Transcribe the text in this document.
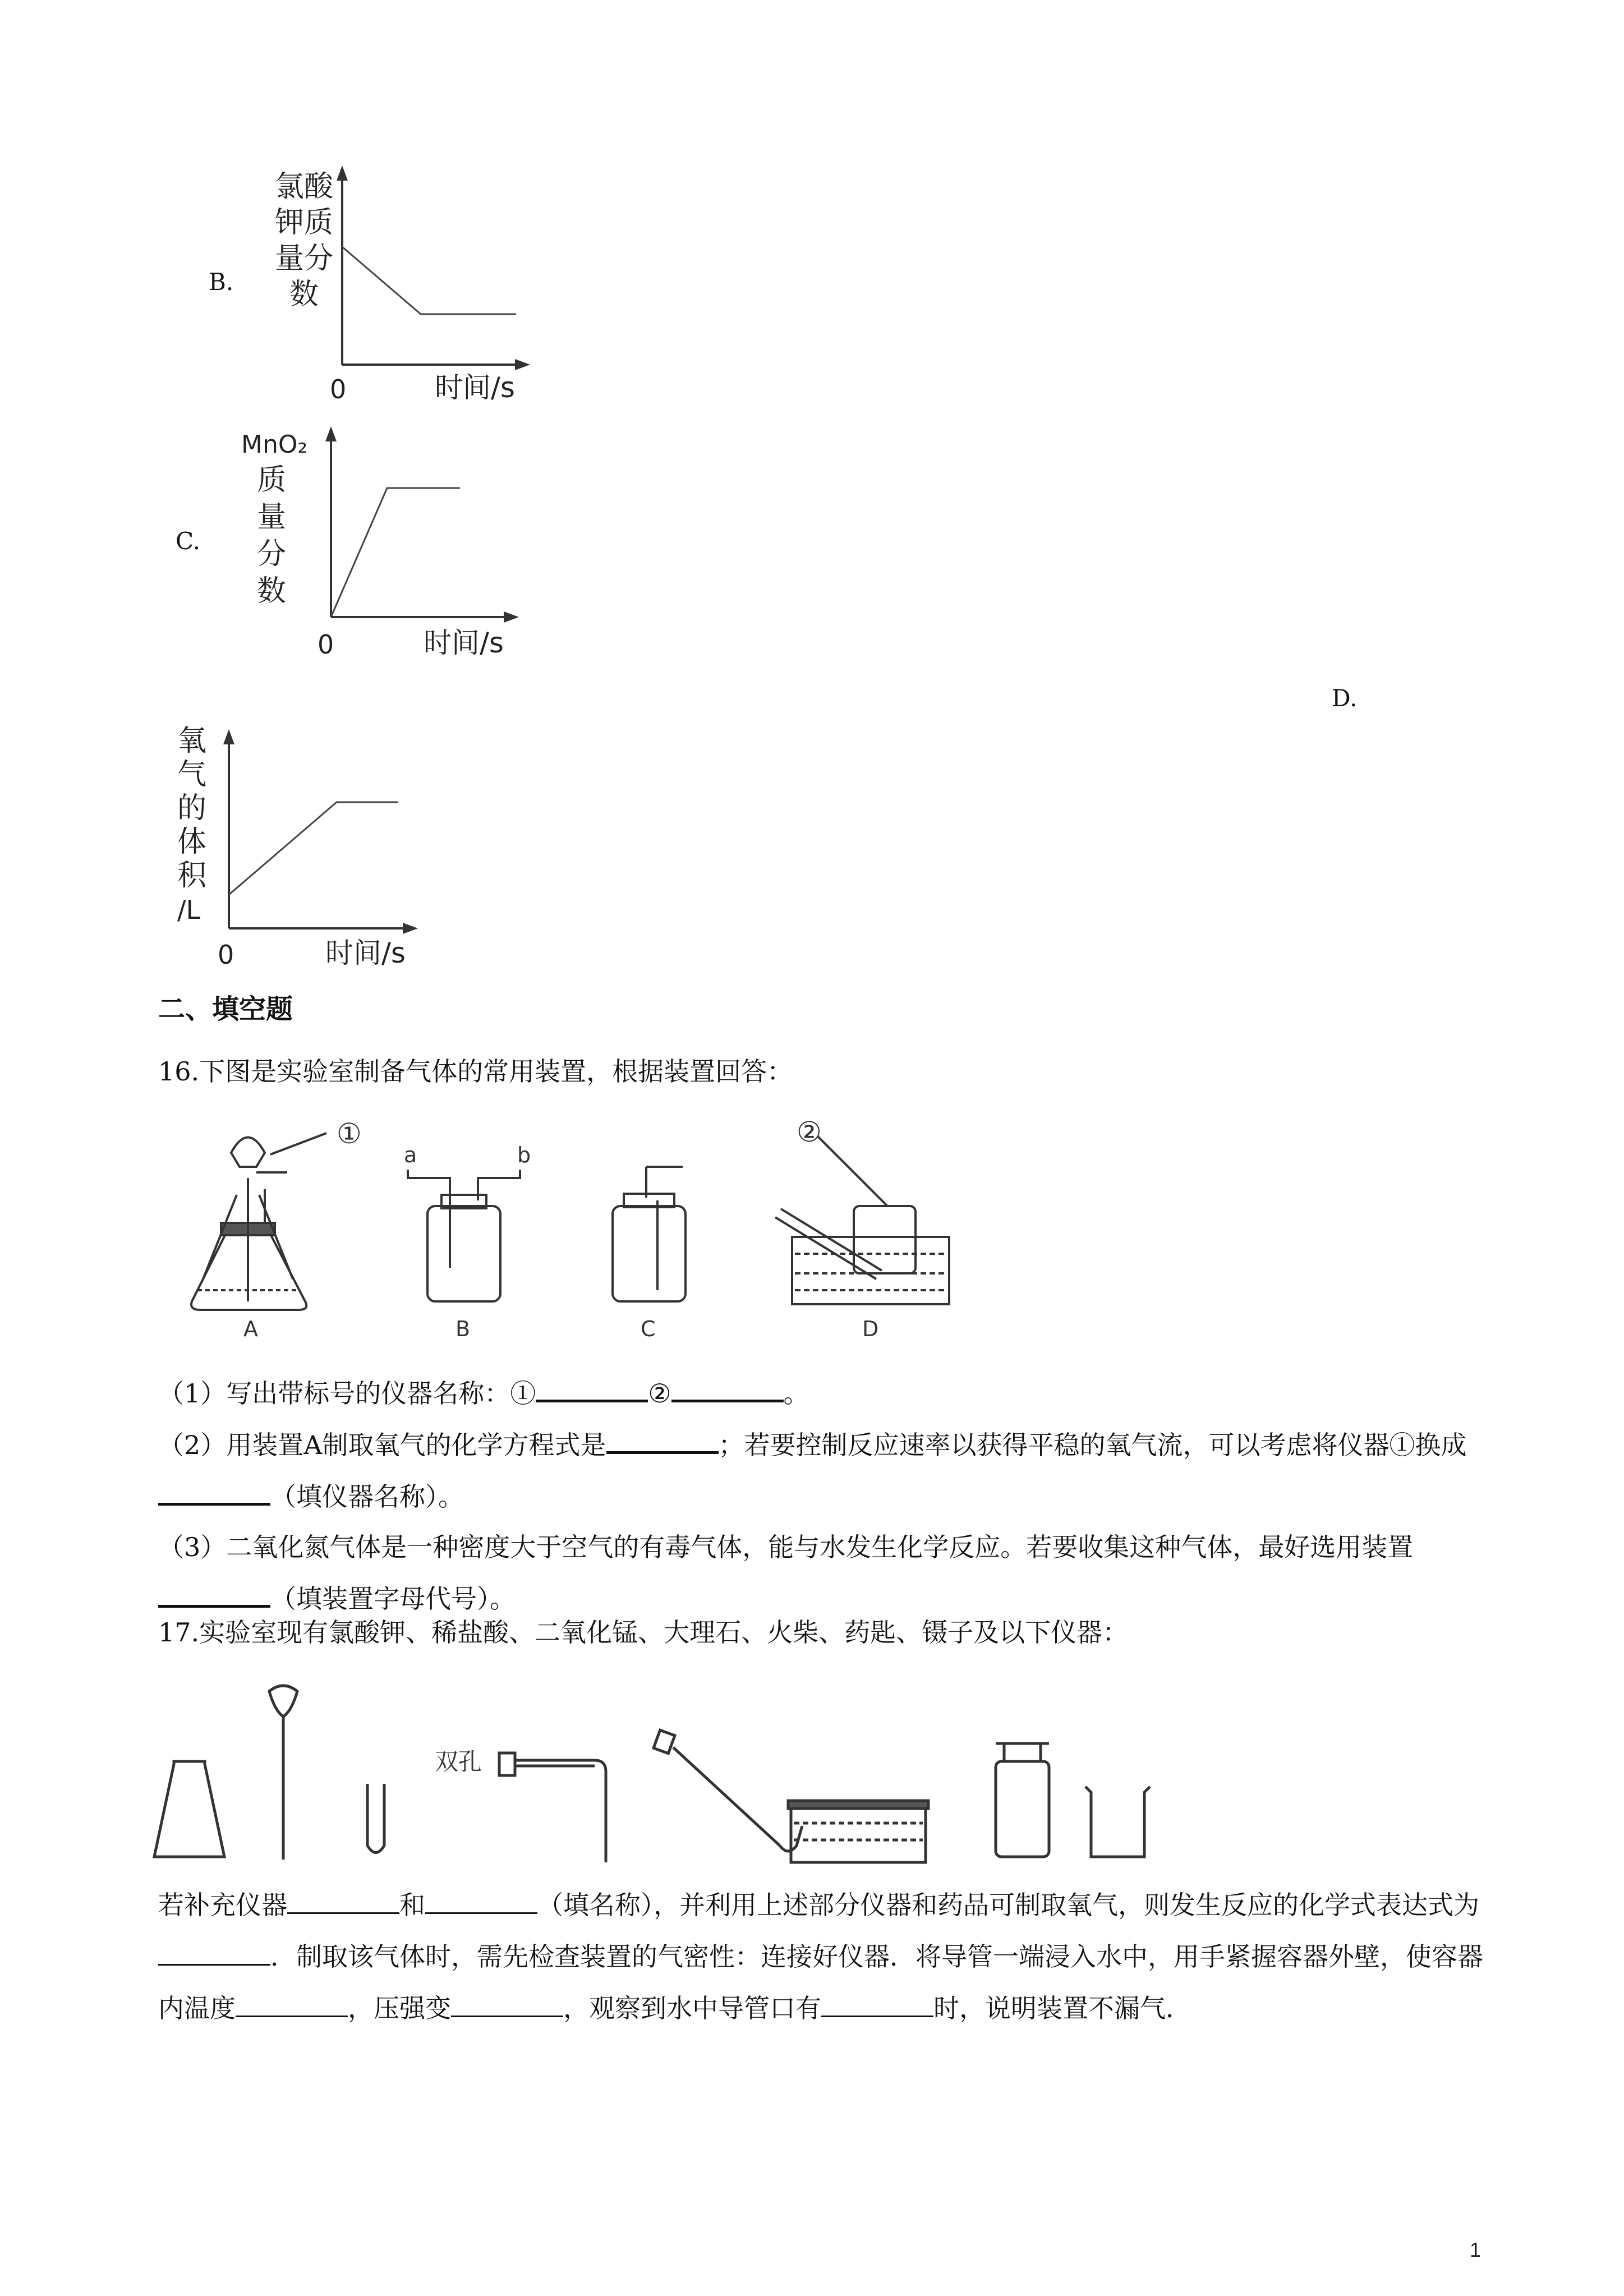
B.
氯酸
钾质
量分
数
0	时间/s
C.
MnO₂
质
量
分
数
0	时间/s
D.
氧
气
的
体
积
/L
0	时间/s
二、填空题
16.下图是实验室制备气体的常用装置，根据装置回答：
①
A
a	b
B	C
②
D
（1）写出带标号的仪器名称：①	②	。
（2）用装置A制取氧气的化学方程式是	；若要控制反应速率以获得平稳的氧气流，可以考虑将仪器①换成（填仪器名称）。
（3）二氧化氮气体是一种密度大于空气的有毒气体，能与水发生化学反应。若要收集这种气体，最好选用装置（填装置字母代号）。
17.实验室现有氯酸钾、稀盐酸、二氧化锰、大理石、火柴、药匙、镊子及以下仪器：
双孔
若补充仪器	和	（填名称），并利用上述部分仪器和药品可制取氧气，则发生反应的化学式表达式为．制取该气体时，需先检查装置的气密性：连接好仪器．将导管一端浸入水中，用手紧握容器外壁，使容器内温度	，压强变	，观察到水中导管口有	时，说明装置不漏气．
1
